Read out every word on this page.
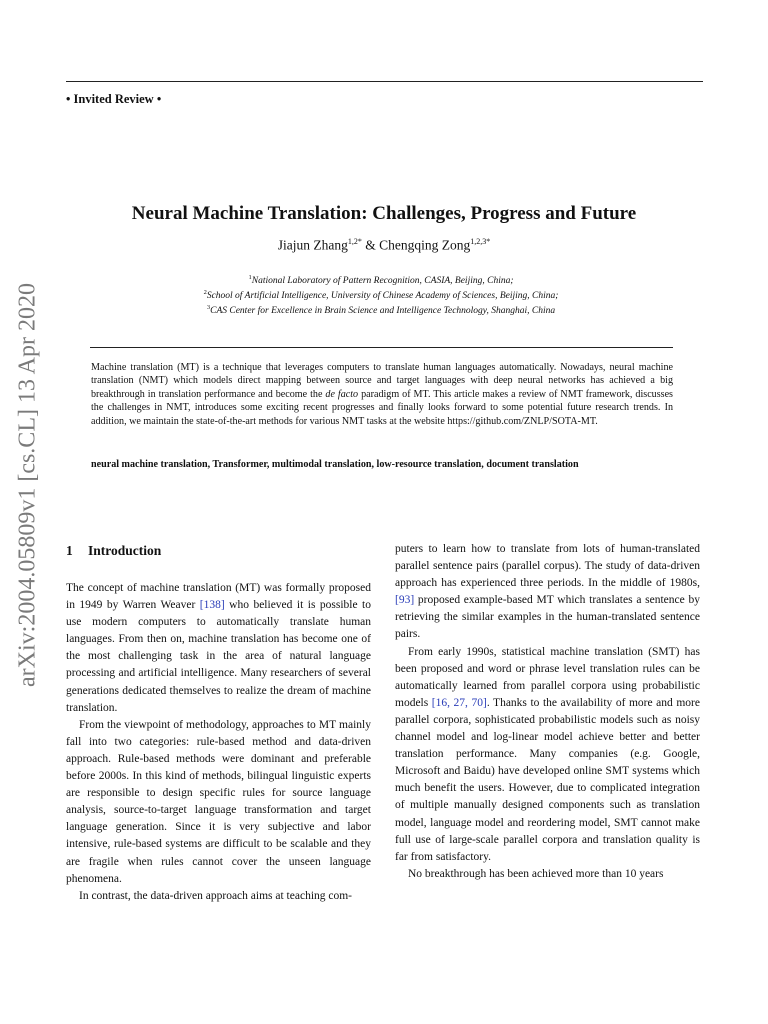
arXiv:2004.05809v1 [cs.CL] 13 Apr 2020
• Invited Review •
Neural Machine Translation: Challenges, Progress and Future
Jiajun Zhang$^{1,2*}$ & Chengqing Zong$^{1,2,3*}$
$^1$National Laboratory of Pattern Recognition, CASIA, Beijing, China;
$^2$School of Artificial Intelligence, University of Chinese Academy of Sciences, Beijing, China;
$^3$CAS Center for Excellence in Brain Science and Intelligence Technology, Shanghai, China
Machine translation (MT) is a technique that leverages computers to translate human languages automatically. Nowadays, neural machine translation (NMT) which models direct mapping between source and target languages with deep neural networks has achieved a big breakthrough in translation performance and become the de facto paradigm of MT. This article makes a review of NMT framework, discusses the challenges in NMT, introduces some exciting recent progresses and finally looks forward to some potential future research trends. In addition, we maintain the state-of-the-art methods for various NMT tasks at the website https://github.com/ZNLP/SOTA-MT.
neural machine translation, Transformer, multimodal translation, low-resource translation, document translation
1 Introduction

The concept of machine translation (MT) was formally proposed in 1949 by Warren Weaver [138] who believed it is possible to use modern computers to automatically translate human languages. From then on, machine translation has become one of the most challenging task in the area of natural language processing and artificial intelligence. Many researchers of several generations dedicated themselves to realize the dream of machine translation.

From the viewpoint of methodology, approaches to MT mainly fall into two categories: rule-based method and data-driven approach. Rule-based methods were dominant and preferable before 2000s. In this kind of methods, bilingual linguistic experts are responsible to design specific rules for source language analysis, source-to-target language transformation and target language generation. Since it is very subjective and labor intensive, rule-based systems are difficult to be scalable and they are fragile when rules cannot cover the unseen language phenomena.

In contrast, the data-driven approach aims at teaching com-

puters to learn how to translate from lots of human-translated parallel sentence pairs (parallel corpus). The study of data-driven approach has experienced three periods. In the middle of 1980s, [93] proposed example-based MT which translates a sentence by retrieving the similar examples in the human-translated sentence pairs.

From early 1990s, statistical machine translation (SMT) has been proposed and word or phrase level translation rules can be automatically learned from parallel corpora using probabilistic models [16, 27, 70]. Thanks to the availability of more and more parallel corpora, sophisticated probabilistic models such as noisy channel model and log-linear model achieve better and better translation performance. Many companies (e.g. Google, Microsoft and Baidu) have developed online SMT systems which much benefit the users. However, due to complicated integration of multiple manually designed components such as translation model, language model and reordering model, SMT cannot make full use of large-scale parallel corpora and translation quality is far from satisfactory.

No breakthrough has been achieved more than 10 years
